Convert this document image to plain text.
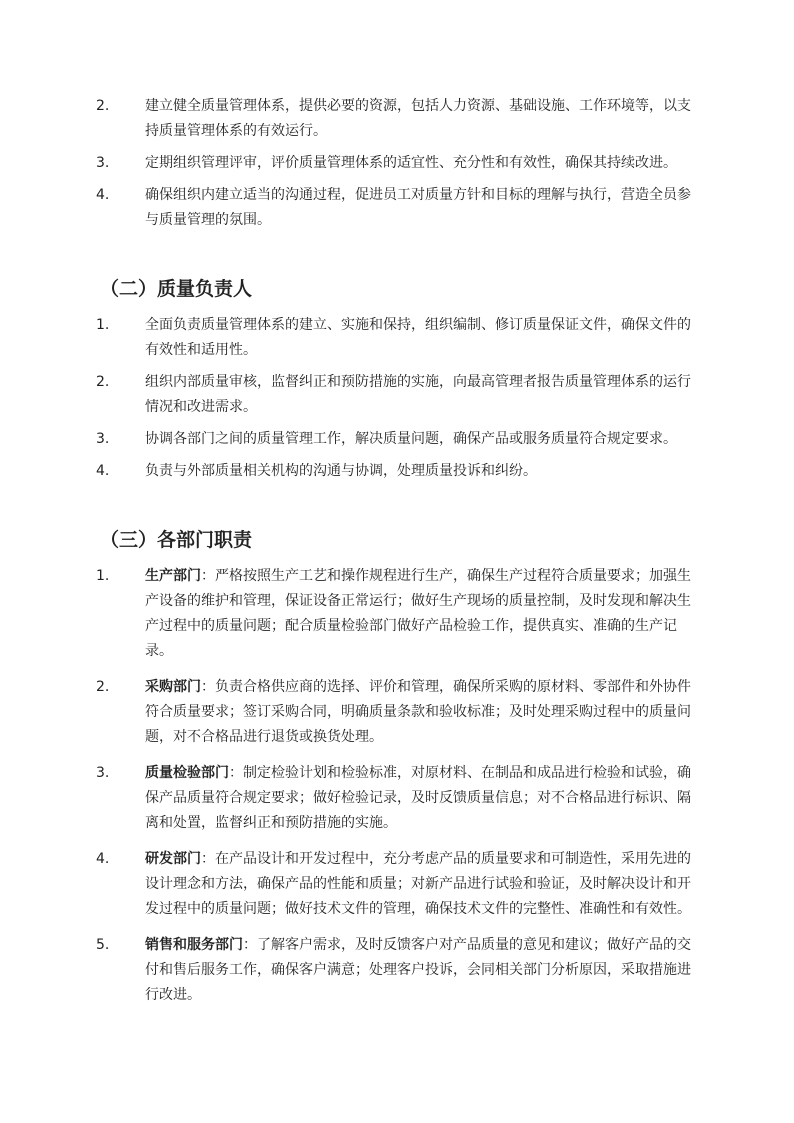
2.	建立健全质量管理体系，提供必要的资源，包括人力资源、基础设施、工作环境等，以支持质量管理体系的有效运行。
3.	定期组织管理评审，评价质量管理体系的适宜性、充分性和有效性，确保其持续改进。
4.	确保组织内建立适当的沟通过程，促进员工对质量方针和目标的理解与执行，营造全员参与质量管理的氛围。
（二）质量负责人
1.	全面负责质量管理体系的建立、实施和保持，组织编制、修订质量保证文件，确保文件的有效性和适用性。
2.	组织内部质量审核，监督纠正和预防措施的实施，向最高管理者报告质量管理体系的运行情况和改进需求。
3.	协调各部门之间的质量管理工作，解决质量问题，确保产品或服务质量符合规定要求。
4.	负责与外部质量相关机构的沟通与协调，处理质量投诉和纠纷。
（三）各部门职责
1.	生产部门：严格按照生产工艺和操作规程进行生产，确保生产过程符合质量要求；加强生产设备的维护和管理，保证设备正常运行；做好生产现场的质量控制，及时发现和解决生产过程中的质量问题；配合质量检验部门做好产品检验工作，提供真实、准确的生产记录。
2.	采购部门：负责合格供应商的选择、评价和管理，确保所采购的原材料、零部件和外协件符合质量要求；签订采购合同，明确质量条款和验收标准；及时处理采购过程中的质量问题，对不合格品进行退货或换货处理。
3.	质量检验部门：制定检验计划和检验标准，对原材料、在制品和成品进行检验和试验，确保产品质量符合规定要求；做好检验记录，及时反馈质量信息；对不合格品进行标识、隔离和处置，监督纠正和预防措施的实施。
4.	研发部门：在产品设计和开发过程中，充分考虑产品的质量要求和可制造性，采用先进的设计理念和方法，确保产品的性能和质量；对新产品进行试验和验证，及时解决设计和开发过程中的质量问题；做好技术文件的管理，确保技术文件的完整性、准确性和有效性。
5.	销售和服务部门：了解客户需求，及时反馈客户对产品质量的意见和建议；做好产品的交付和售后服务工作，确保客户满意；处理客户投诉，会同相关部门分析原因，采取措施进行改进。
